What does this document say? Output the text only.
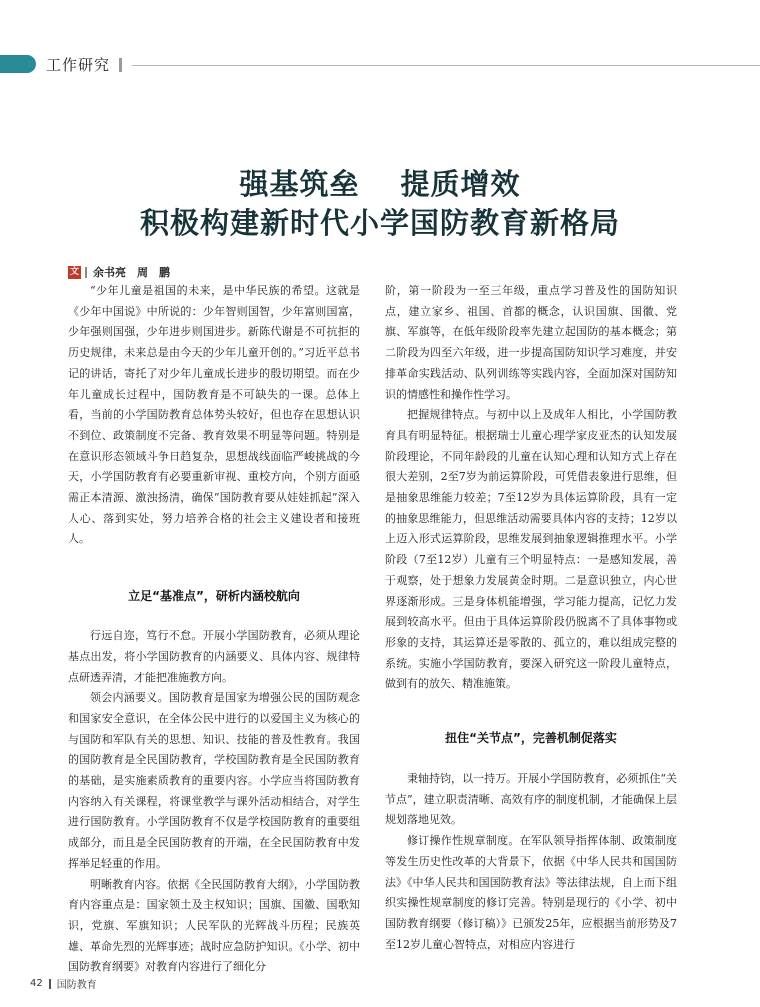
工作研究
强基筑垒　 提质增效
积极构建新时代小学国防教育新格局
文 余书亮　周　鹏

“少年儿童是祖国的未来，是中华民族的希望。这就是《少年中国说》中所说的：少年智则国智，少年富则国富，少年强则国强，少年进步则国进步。新陈代谢是不可抗拒的历史规律，未来总是由今天的少年儿童开创的。”习近平总书记的讲话，寄托了对少年儿童成长进步的殷切期望。而在少年儿童成长过程中，国防教育是不可缺失的一课。总体上看，当前的小学国防教育总体势头较好，但也存在思想认识不到位、政策制度不完备、教育效果不明显等问题。特别是在意识形态领域斗争日趋复杂，思想战线面临严峻挑战的今天，小学国防教育有必要重新审视、重校方向，个别方面亟需正本清源、激浊扬清，确保“国防教育要从娃娃抓起”深入人心、落到实处，努力培养合格的社会主义建设者和接班人。

立足“基准点”，研析内涵校航向

行远自迩，笃行不怠。开展小学国防教育，必须从理论基点出发，将小学国防教育的内涵要义、具体内容、规律特点研透弄清，才能把准施教方向。

领会内涵要义。国防教育是国家为增强公民的国防观念和国家安全意识，在全体公民中进行的以爱国主义为核心的与国防和军队有关的思想、知识、技能的普及性教育。我国的国防教育是全民国防教育，学校国防教育是全民国防教育的基础，是实施素质教育的重要内容。小学应当将国防教育内容纳入有关课程，将课堂教学与课外活动相结合，对学生进行国防教育。小学国防教育不仅是学校国防教育的重要组成部分，而且是全民国防教育的开端，在全民国防教育中发挥举足轻重的作用。

明晰教育内容。依据《全民国防教育大纲》，小学国防教育内容重点是：国家领土及主权知识；国旗、国徽、国歌知识，党旗、军旗知识；人民军队的光辉战斗历程；民族英雄、革命先烈的光辉事迹；战时应急防护知识。《小学、初中国防教育纲要》对教育内容进行了细化分

阶，第一阶段为一至三年级，重点学习普及性的国防知识点，建立家乡、祖国、首都的概念，认识国旗、国徽、党旗、军旗等，在低年级阶段率先建立起国防的基本概念；第二阶段为四至六年级，进一步提高国防知识学习难度，并安排革命实践活动、队列训练等实践内容，全面加深对国防知识的情感性和操作性学习。

把握规律特点。与初中以上及成年人相比，小学国防教育具有明显特征。根据瑞士儿童心理学家皮亚杰的认知发展阶段理论，不同年龄段的儿童在认知心理和认知方式上存在很大差别，2至7岁为前运算阶段，可凭借表象进行思维，但是抽象思维能力较差；7至12岁为具体运算阶段，具有一定的抽象思维能力，但思维活动需要具体内容的支持；12岁以上迈入形式运算阶段，思维发展到抽象逻辑推理水平。小学阶段（7至12岁）儿童有三个明显特点：一是感知发展，善于观察，处于想象力发展黄金时期。二是意识独立，内心世界逐渐形成。三是身体机能增强，学习能力提高，记忆力发展到较高水平。但由于具体运算阶段仍脱离不了具体事物或形象的支持，其运算还是零散的、孤立的，难以组成完整的系统。实施小学国防教育，要深入研究这一阶段儿童特点，做到有的放矢、精准施策。

扭住“关节点”，完善机制促落实

秉轴持钧，以一持万。开展小学国防教育，必须抓住“关节点”，建立职责清晰、高效有序的制度机制，才能确保上层规划落地见效。

修订操作性规章制度。在军队领导指挥体制、政策制度等发生历史性改革的大背景下，依据《中华人民共和国国防法》《中华人民共和国国防教育法》等法律法规，自上而下组织实操性规章制度的修订完善。特别是现行的《小学、初中国防教育纲要（修订稿）》已颁发25年，应根据当前形势及7至12岁儿童心智特点，对相应内容进行

42 国防教育
